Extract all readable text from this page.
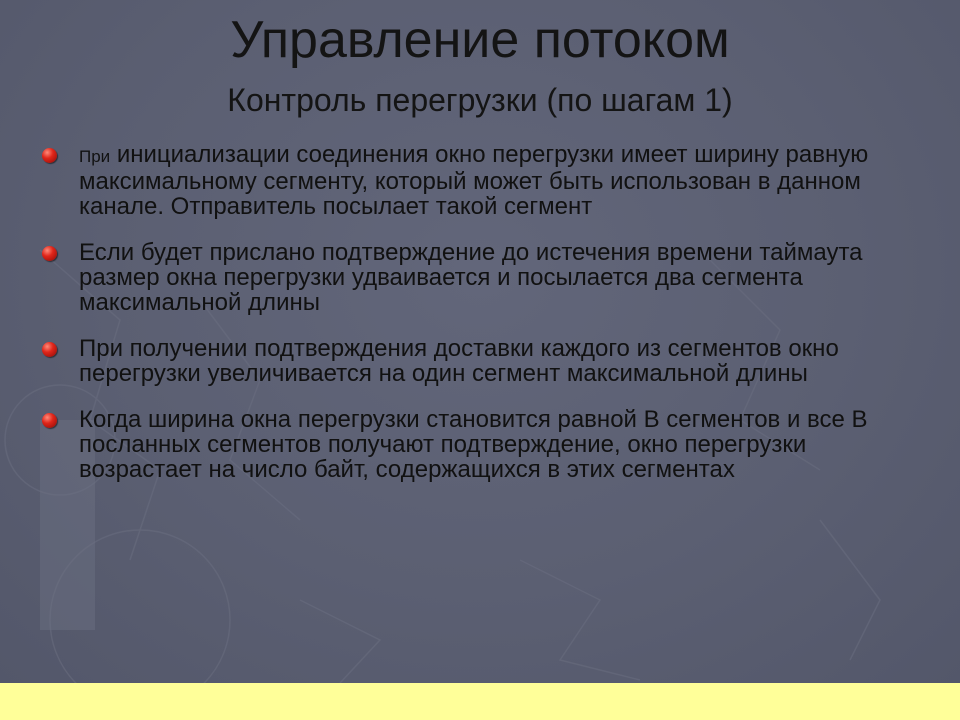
Управление потоком
Контроль перегрузки (по шагам 1)
При инициализации соединения окно перегрузки имеет ширину равную максимальному сегменту, который может быть использован в данном канале. Отправитель посылает такой сегмент
Если будет прислано подтверждение до истечения времени таймаута размер окна перегрузки удваивается и посылается два сегмента максимальной длины
При получении подтверждения доставки каждого из сегментов окно перегрузки увеличивается на один сегмент максимальной длины
Когда ширина окна перегрузки становится равной В сегментов и все В посланных сегментов получают подтверждение, окно перегрузки возрастает на число байт, содержащихся в этих сегментах
